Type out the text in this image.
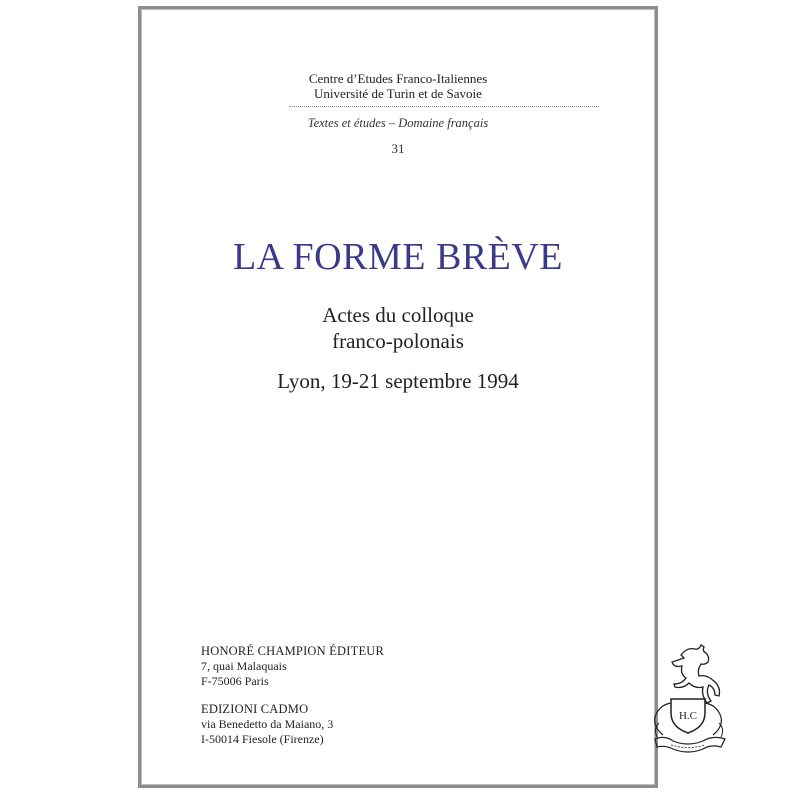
Centre d’Etudes Franco-Italiennes
Université de Turin et de Savoie
Textes et études – Domaine français
31
LA FORME BRÈVE
Actes du colloque
franco-polonais
Lyon, 19-21 septembre 1994
HONORÉ CHAMPION ÉDITEUR
7, quai Malaquais
F-75006 Paris
EDIZIONI CADMO
via Benedetto da Maiano, 3
I-50014 Fiesole (Firenze)
H.C
